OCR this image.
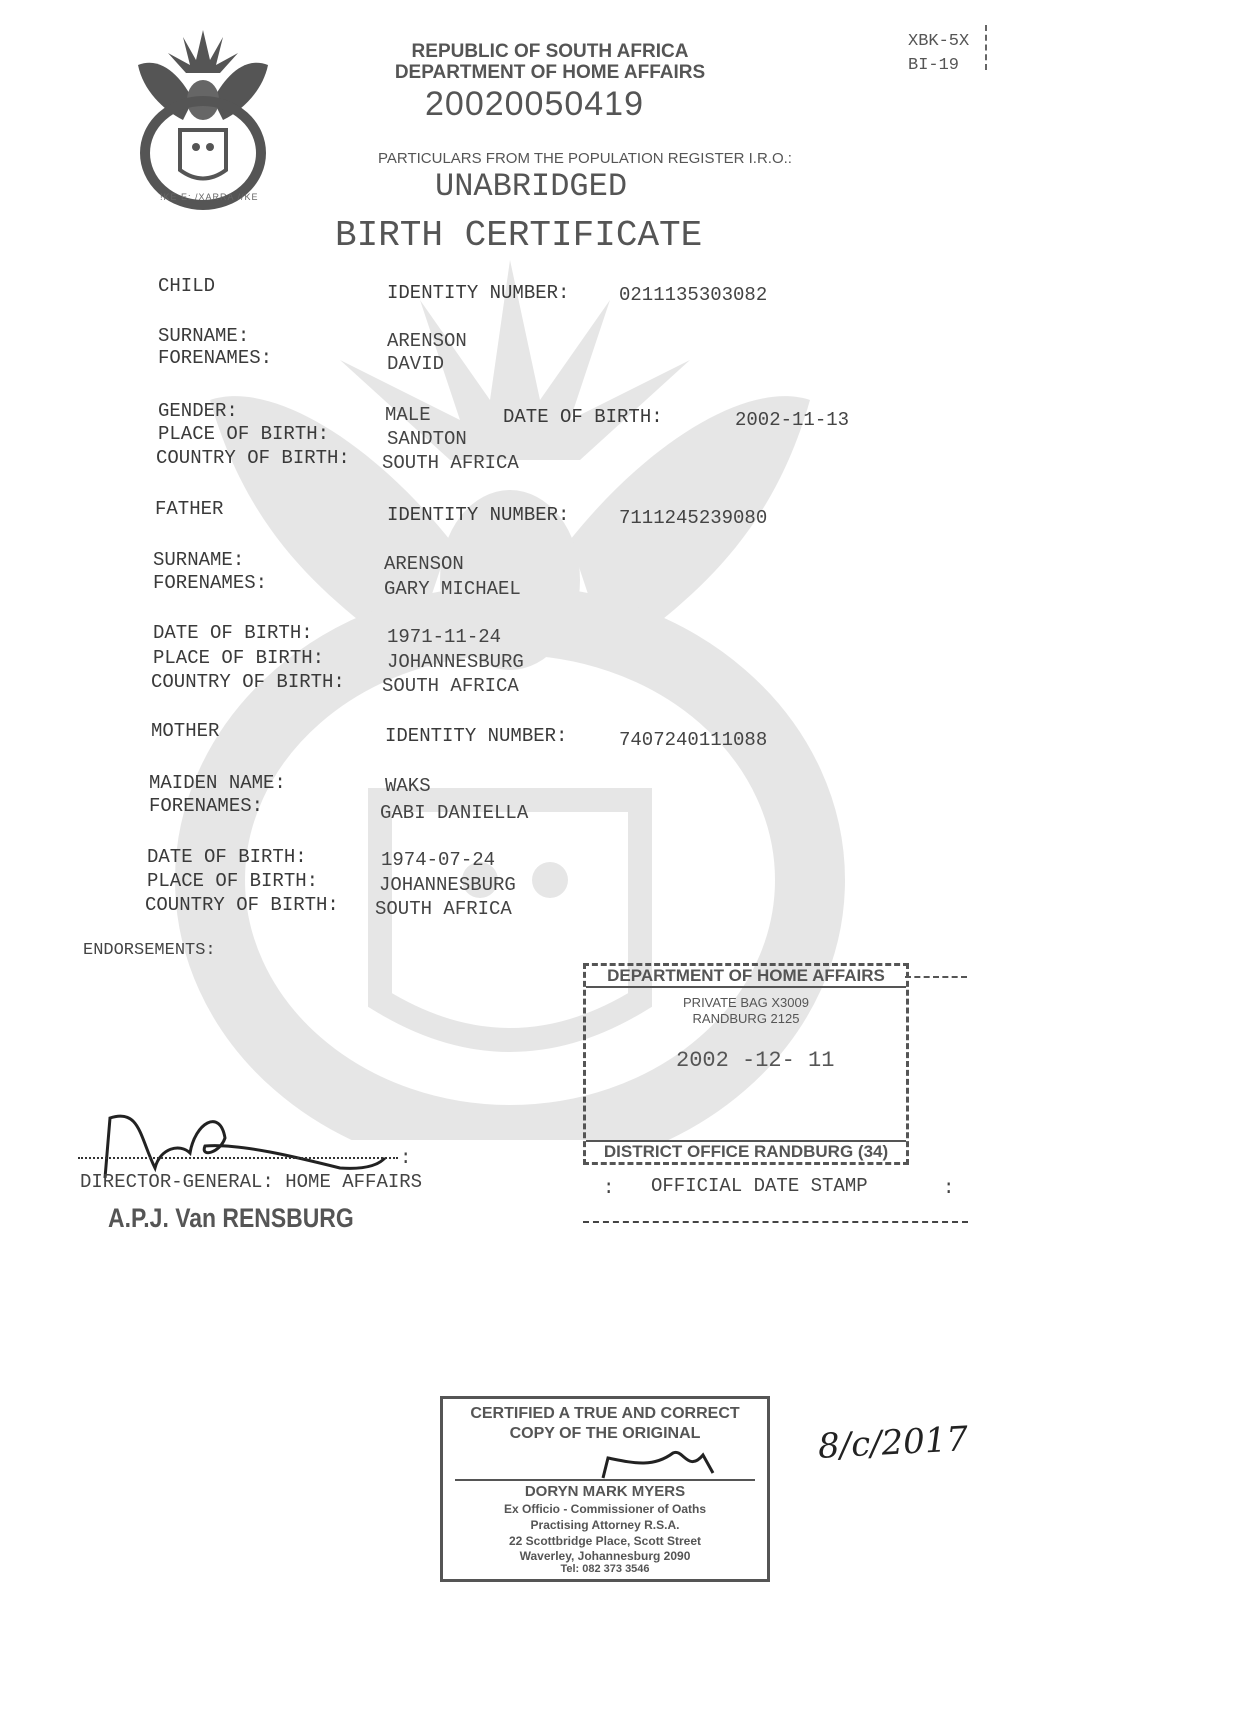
!KE E: /XARRA //KE
REPUBLIC OF SOUTH AFRICA
DEPARTMENT OF HOME AFFAIRS
20020050419
XBK-5X
BI-19
PARTICULARS FROM THE POPULATION REGISTER I.R.O.:
UNABRIDGED
BIRTH CERTIFICATE
CHILD	IDENTITY NUMBER:	0211135303082
SURNAME:	ARENSON
FORENAMES:	DAVID
GENDER:	MALE	DATE OF BIRTH:	2002-11-13
PLACE OF BIRTH:	SANDTON
COUNTRY OF BIRTH: SOUTH AFRICA
FATHER	IDENTITY NUMBER:	7111245239080
SURNAME:	ARENSON
FORENAMES:	GARY MICHAEL
DATE OF BIRTH:	1971-11-24
PLACE OF BIRTH:	JOHANNESBURG
COUNTRY OF BIRTH: SOUTH AFRICA
MOTHER	IDENTITY NUMBER:	7407240111088
MAIDEN NAME:	WAKS
FORENAMES:	GABI DANIELLA
DATE OF BIRTH:	1974-07-24
PLACE OF BIRTH:	JOHANNESBURG
COUNTRY OF BIRTH: SOUTH AFRICA
ENDORSEMENTS:
DEPARTMENT OF HOME AFFAIRS
PRIVATE BAG X3009
RANDBURG 2125
2002 -12- 11
DISTRICT OFFICE RANDBURG (34)
:
DIRECTOR-GENERAL: HOME AFFAIRS
A.P.J. Van RENSBURG
: OFFICIAL DATE STAMP	:
CERTIFIED A TRUE AND CORRECT
COPY OF THE ORIGINAL
DORYN MARK MYERS
Ex Officio - Commissioner of Oaths
Practising Attorney R.S.A.
22 Scottbridge Place, Scott Street
Waverley, Johannesburg 2090
Tel: 082 373 3546
8/c/2017
